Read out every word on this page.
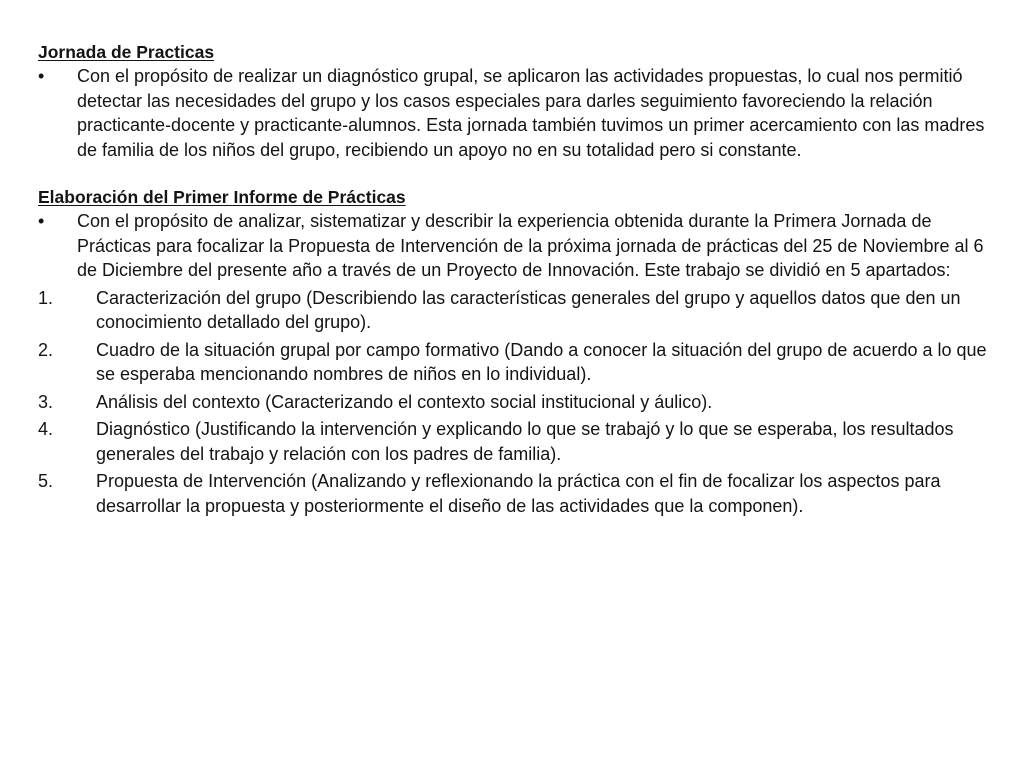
Jornada de Practicas

• Con el propósito de realizar un diagnóstico grupal, se aplicaron las actividades propuestas, lo cual nos permitió detectar las necesidades del grupo y los casos especiales para darles seguimiento favoreciendo la relación practicante-docente y practicante-alumnos. Esta jornada también tuvimos un primer acercamiento con las madres de familia de los niños del grupo, recibiendo un apoyo no en su totalidad pero si constante.

Elaboración del Primer Informe de Prácticas

• Con el propósito de analizar, sistematizar y describir la experiencia obtenida durante la Primera Jornada de Prácticas para focalizar la Propuesta de Intervención de la próxima jornada de prácticas del 25 de Noviembre al 6 de Diciembre del presente año a través de un Proyecto de Innovación. Este trabajo se dividió en 5 apartados:

1. Caracterización del grupo (Describiendo las características generales del grupo y aquellos datos que den un conocimiento detallado del grupo).

2. Cuadro de la situación grupal por campo formativo (Dando a conocer la situación del grupo de acuerdo a lo que se esperaba mencionando nombres de niños en lo individual).

3. Análisis del contexto (Caracterizando el contexto social institucional y áulico).

4. Diagnóstico (Justificando la intervención y explicando lo que se trabajó y lo que se esperaba, los resultados generales del trabajo y relación con los padres de familia).

5. Propuesta de Intervención (Analizando y reflexionando la práctica con el fin de focalizar los aspectos para desarrollar la propuesta y posteriormente el diseño de las actividades que la componen).
